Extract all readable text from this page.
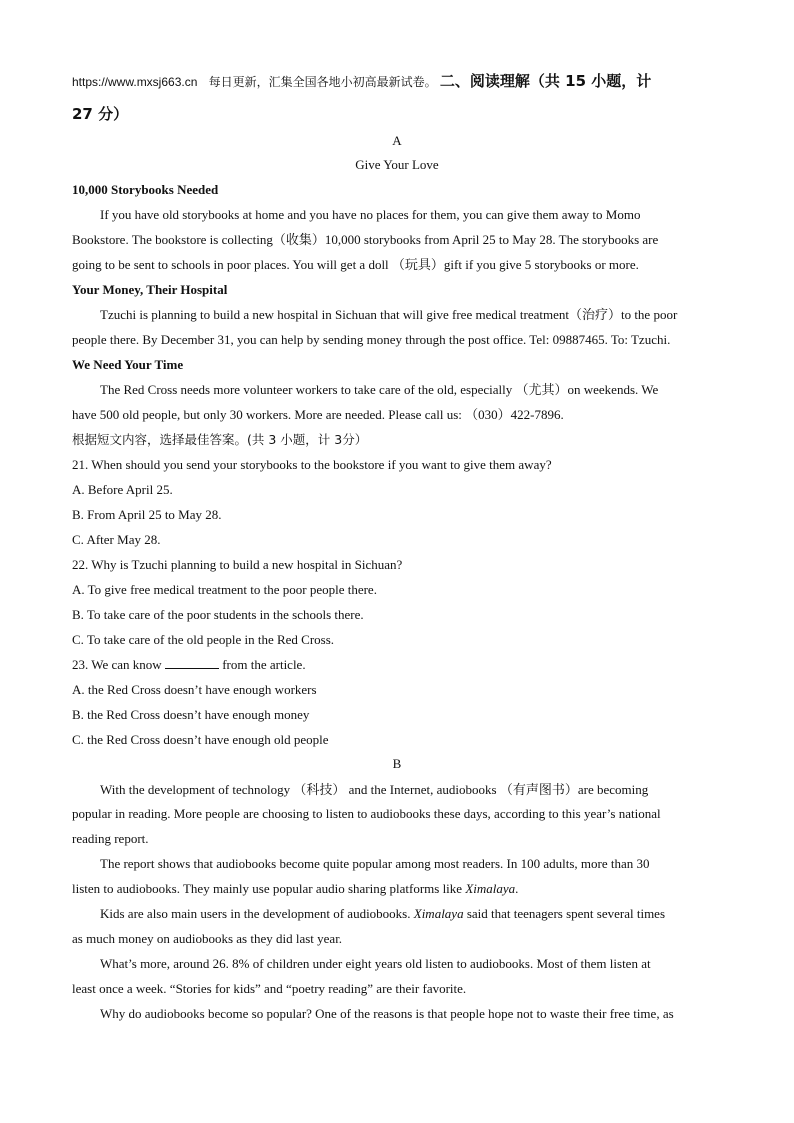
https://www.mxsj663.cn 每日更新，汇集全国各地小初高最新试卷。 二、阅读理解（共 15 小题，计
27 分）
A
Give Your Love
10,000 Storybooks Needed
If you have old storybooks at home and you have no places for them, you can give them away to Momo
Bookstore. The bookstore is collecting（收集）10,000 storybooks from April 25 to May 28. The storybooks are
going to be sent to schools in poor places. You will get a doll （玩具）gift if you give 5 storybooks or more.
Your Money, Their Hospital
Tzuchi is planning to build a new hospital in Sichuan that will give free medical treatment（治疗）to the poor
people there. By December 31, you can help by sending money through the post office. Tel: 09887465. To: Tzuchi.
We Need Your Time
The Red Cross needs more volunteer workers to take care of the old, especially （尤其）on weekends. We
have 500 old people, but only 30 workers. More are needed. Please call us: （030）422-7896.
根据短文内容，选择最佳答案。(共 3 小题，计 3分）
21. When should you send your storybooks to the bookstore if you want to give them away?
A. Before April 25.
B. From April 25 to May 28.
C. After May 28.
22. Why is Tzuchi planning to build a new hospital in Sichuan?
A. To give free medical treatment to the poor people there.
B. To take care of the poor students in the schools there.
C. To take care of the old people in the Red Cross.
23. We can know	from the article.
A. the Red Cross doesn’t have enough workers
B. the Red Cross doesn’t have enough money
C. the Red Cross doesn’t have enough old people
B
With the development of technology （科技） and the Internet, audiobooks （有声图书）are becoming
popular in reading. More people are choosing to listen to audiobooks these days, according to this year’s national
reading report.
The report shows that audiobooks become quite popular among most readers. In 100 adults, more than 30
listen to audiobooks. They mainly use popular audio sharing platforms like Ximalaya.
Kids are also main users in the development of audiobooks. Ximalaya said that teenagers spent several times
as much money on audiobooks as they did last year.
What’s more, around 26. 8% of children under eight years old listen to audiobooks. Most of them listen at
least once a week. “Stories for kids” and “poetry reading” are their favorite.
Why do audiobooks become so popular? One of the reasons is that people hope not to waste their free time, as
